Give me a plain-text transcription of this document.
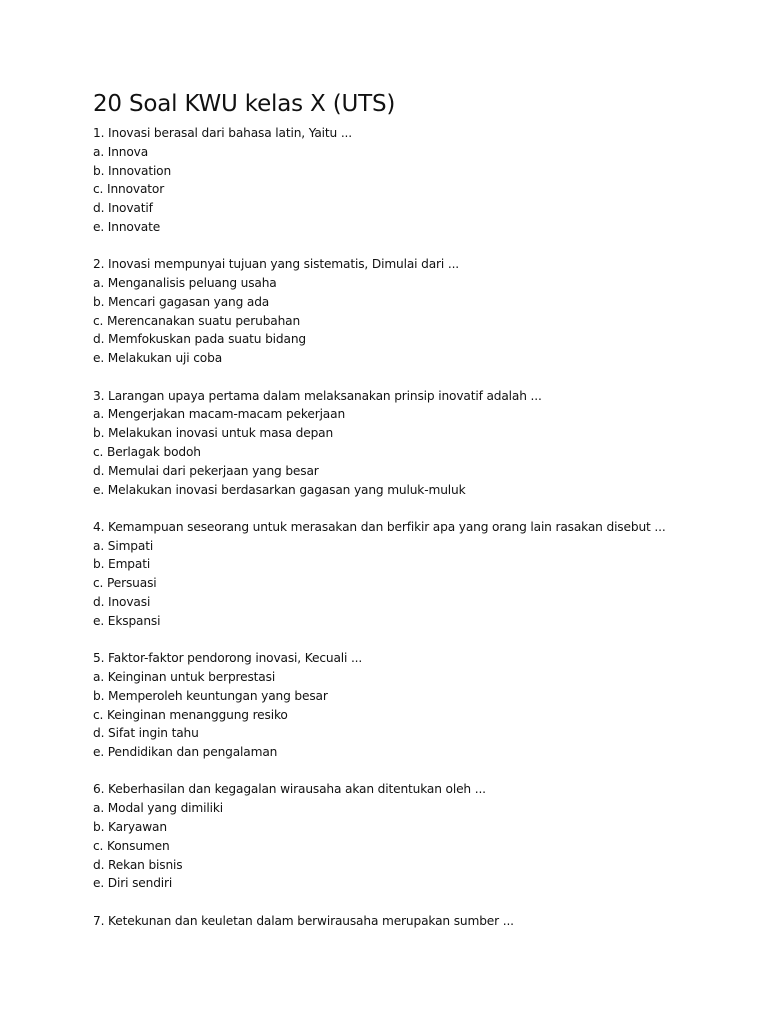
20 Soal KWU kelas X (UTS)
1. Inovasi berasal dari bahasa latin, Yaitu ...
a. Innova
b. Innovation
c. Innovator
d. Inovatif
e. Innovate
2. Inovasi mempunyai tujuan yang sistematis, Dimulai dari ...
a. Menganalisis peluang usaha
b. Mencari gagasan yang ada
c. Merencanakan suatu perubahan
d. Memfokuskan pada suatu bidang
e. Melakukan uji coba
3. Larangan upaya pertama dalam melaksanakan prinsip inovatif adalah ...
a. Mengerjakan macam-macam pekerjaan
b. Melakukan inovasi untuk masa depan
c. Berlagak bodoh
d. Memulai dari pekerjaan yang besar
e. Melakukan inovasi berdasarkan gagasan yang muluk-muluk
4. Kemampuan seseorang untuk merasakan dan berfikir apa yang orang lain rasakan disebut ...
a. Simpati
b. Empati
c. Persuasi
d. Inovasi
e. Ekspansi
5. Faktor-faktor pendorong inovasi, Kecuali ...
a. Keinginan untuk berprestasi
b. Memperoleh keuntungan yang besar
c. Keinginan menanggung resiko
d. Sifat ingin tahu
e. Pendidikan dan pengalaman
6. Keberhasilan dan kegagalan wirausaha akan ditentukan oleh ...
a. Modal yang dimiliki
b. Karyawan
c. Konsumen
d. Rekan bisnis
e. Diri sendiri
7. Ketekunan dan keuletan dalam berwirausaha merupakan sumber ...
